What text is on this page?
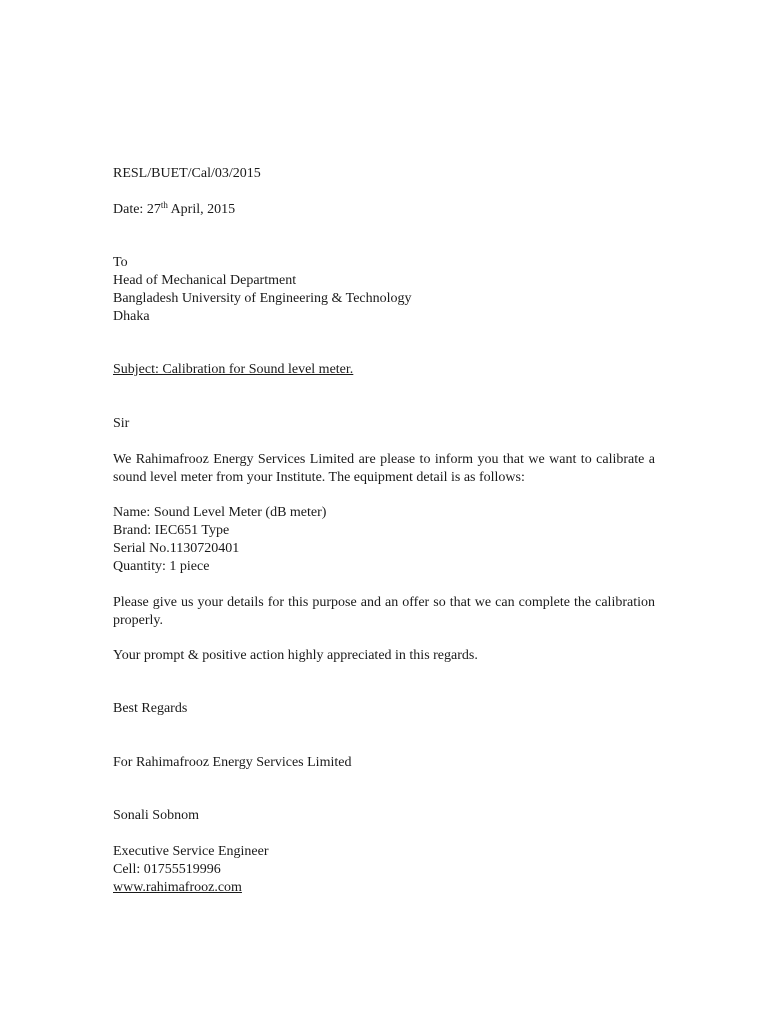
RESL/BUET/Cal/03/2015
Date: 27th April, 2015
To
Head of Mechanical Department
Bangladesh University of Engineering & Technology
Dhaka
Subject: Calibration for Sound level meter.
Sir
We Rahimafrooz Energy Services Limited are please to inform you that we want to calibrate a sound level meter from your Institute. The equipment detail is as follows:
Name: Sound Level Meter (dB meter)
Brand: IEC651 Type
Serial No.1130720401
Quantity: 1 piece
Please give us your details for this purpose and an offer so that we can complete the calibration properly.
Your prompt & positive action highly appreciated in this regards.
Best Regards
For Rahimafrooz Energy Services Limited
Sonali Sobnom
Executive Service Engineer
Cell: 01755519996
www.rahimafrooz.com
